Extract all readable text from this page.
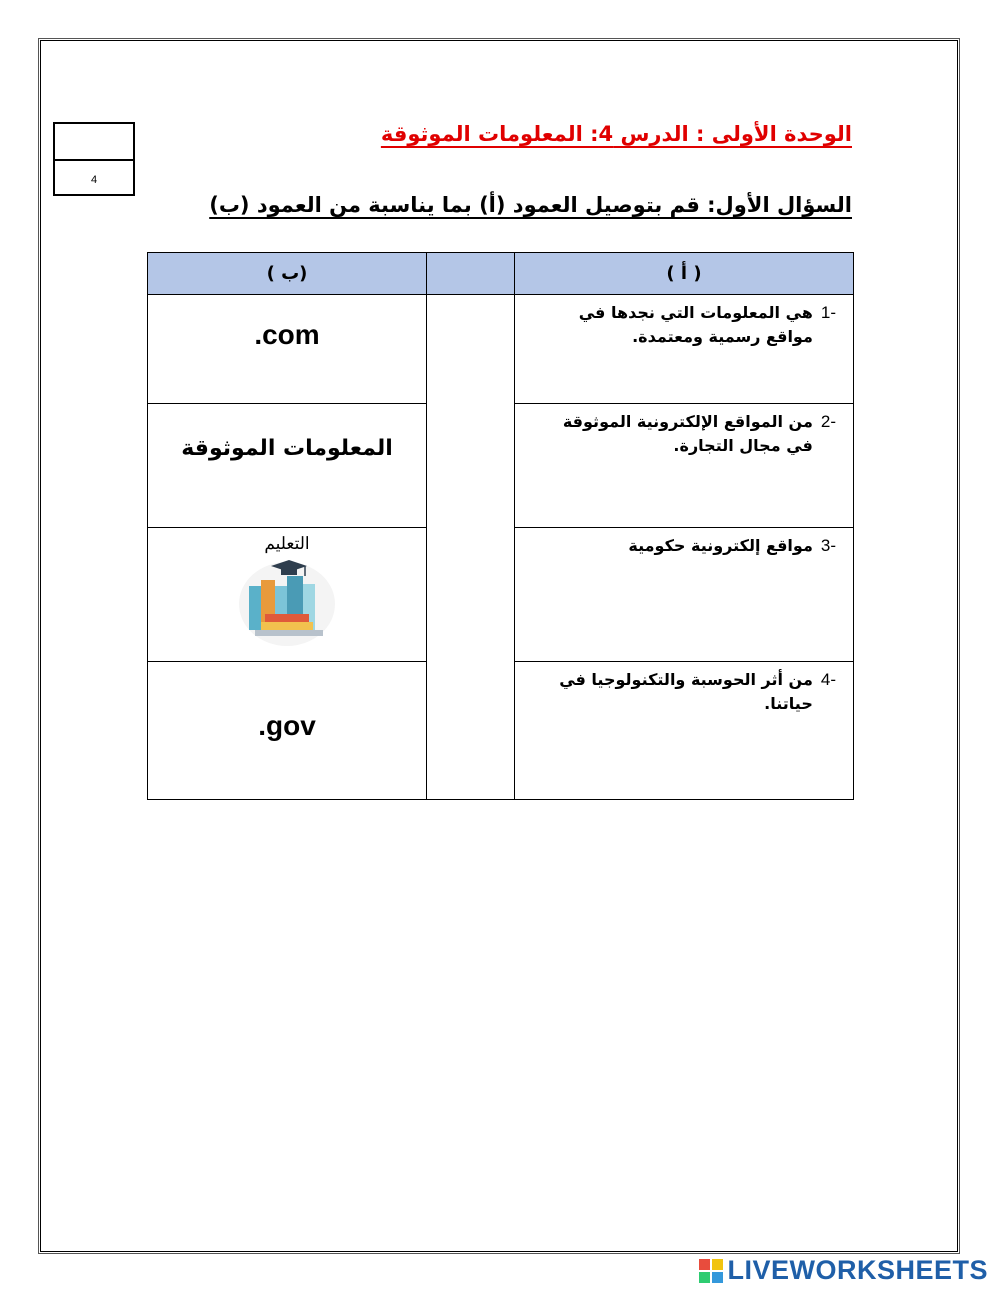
4
الوحدة الأولى : الدرس 4: المعلومات الموثوقة
السؤال الأول: قم بتوصيل العمود (أ) بما يناسبة من العمود (ب)
( ب)		( أ )

.com		-1
هي المعلومات التي نجدها في مواقع رسمية ومعتمدة.

المعلومات الموثوقة		-2
من المواقع الإلكترونية الموثوقة في مجال التجارة.

التعليم		-3
مواقع إلكترونية حكومية

.gov		-4
من أثر الحوسبة والتكنولوجيا في حياتنا.
LIVEWORKSHEETS
